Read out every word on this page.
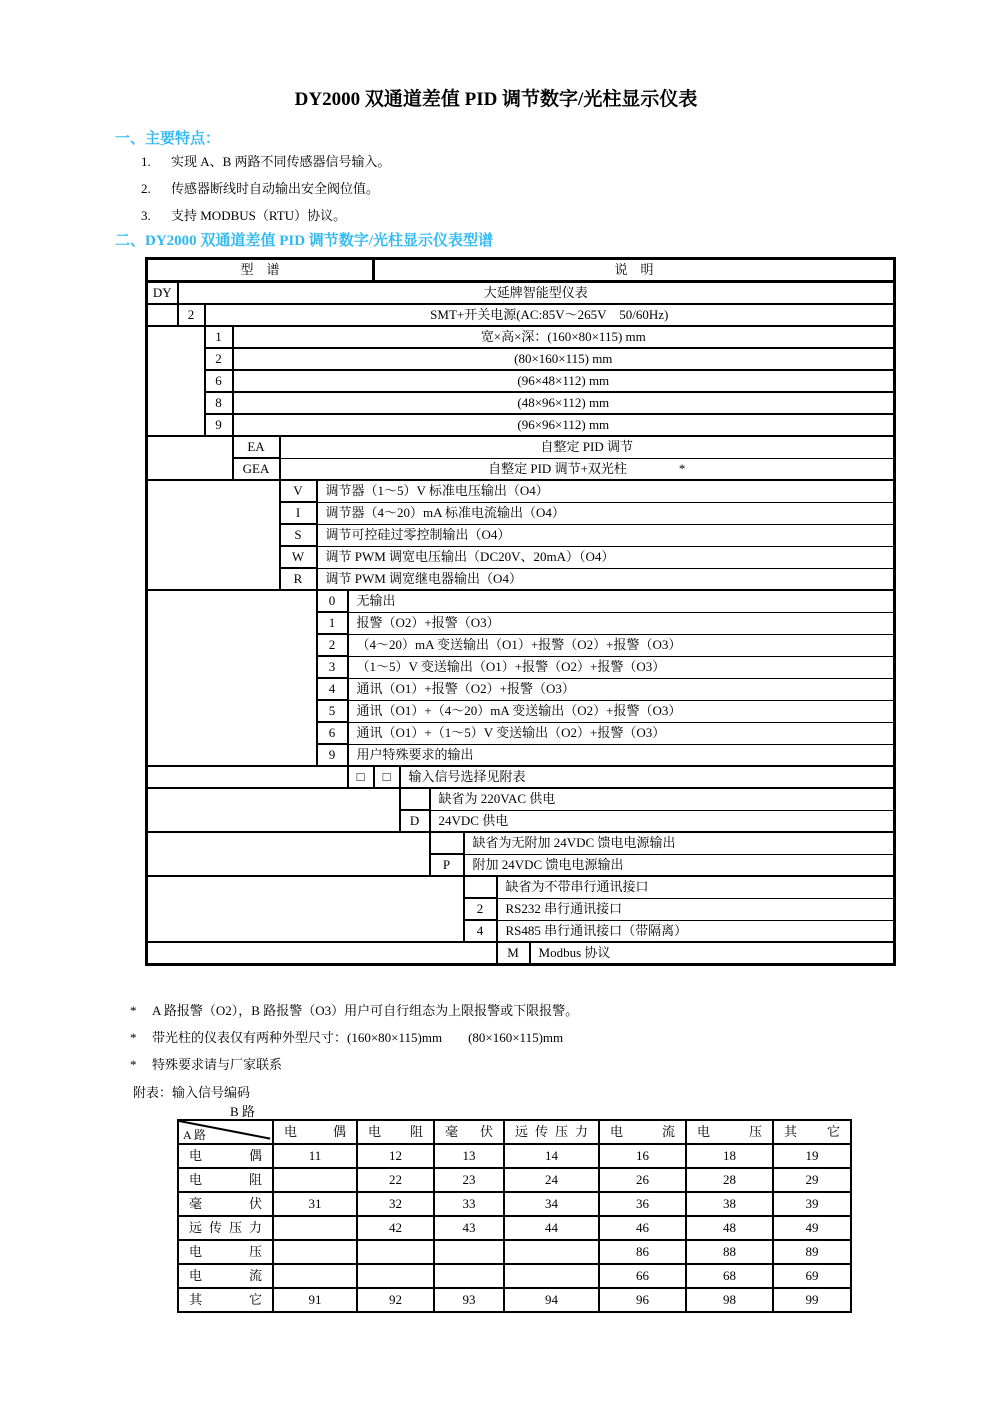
DY2000 双通道差值 PID 调节数字/光柱显示仪表
一、主要特点：
1. 实现 A、B 两路不同传感器信号输入。
2. 传感器断线时自动输出安全阀位值。
3. 支持 MODBUS（RTU）协议。
二、DY2000 双通道差值 PID 调节数字/光柱显示仪表型谱
型　谱							说　明					
DY	大延牌智能型仪表											
	2	SMT+开关电源(AC:85V～265V　50/60Hz)										
		1	宽×高×深：(160×80×115) mm									
		2	(80×160×115) mm									
		6	(96×48×112) mm									
		8	(48×96×112) mm									
		9	(96×96×112) mm									
			EA	自整定 PID 调节								
			GEA	自整定 PID 调节+双光柱　　　　*								
				V	调节器（1～5）V 标准电压输出（O4）							
				I	调节器（4～20）mA 标准电流输出（O4）							
				S	调节可控硅过零控制输出（O4）							
				W	调节 PWM 调宽电压输出（DC20V、20mA）（O4）							
				R	调节 PWM 调宽继电器输出（O4）							
					0	无输出						
					1	报警（O2）+报警（O3）						
					2	（4～20）mA 变送输出（O1）+报警（O2）+报警（O3）						
					3	（1～5）V 变送输出（O1）+报警（O2）+报警（O3）						
					4	通讯（O1）+报警（O2）+报警（O3）						
					5	通讯（O1）+（4～20）mA 变送输出（O2）+报警（O3）						
					6	通讯（O1）+（1～5）V 变送输出（O2）+报警（O3）						
					9	用户特殊要求的输出						
						□	□	输入信号选择见附表				
									缺省为 220VAC 供电			
								D	24VDC 供电			
										缺省为无附加 24VDC 馈电电源输出		
									P	附加 24VDC 馈电电源输出		
											缺省为不带串行通讯接口	
										2	RS232 串行通讯接口	
										4	RS485 串行通讯接口（带隔离）	
											M	Modbus 协议
* A 路报警（O2），B 路报警（O3）用户可自行组态为上限报警或下限报警。
* 带光柱的仪表仅有两种外型尺寸：(160×80×115)mm　　(80×160×115)mm
* 特殊要求请与厂家联系
附表：输入信号编码
B 路
A 路	电偶	电阻	毫伏	远传压力	电流	电压	其它
电偶	11	12	13	14	16	18	19
电阻		22	23	24	26	28	29
毫伏	31	32	33	34	36	38	39
远传压力		42	43	44	46	48	49
电压					86	88	89
电流					66	68	69
其它	91	92	93	94	96	98	99
